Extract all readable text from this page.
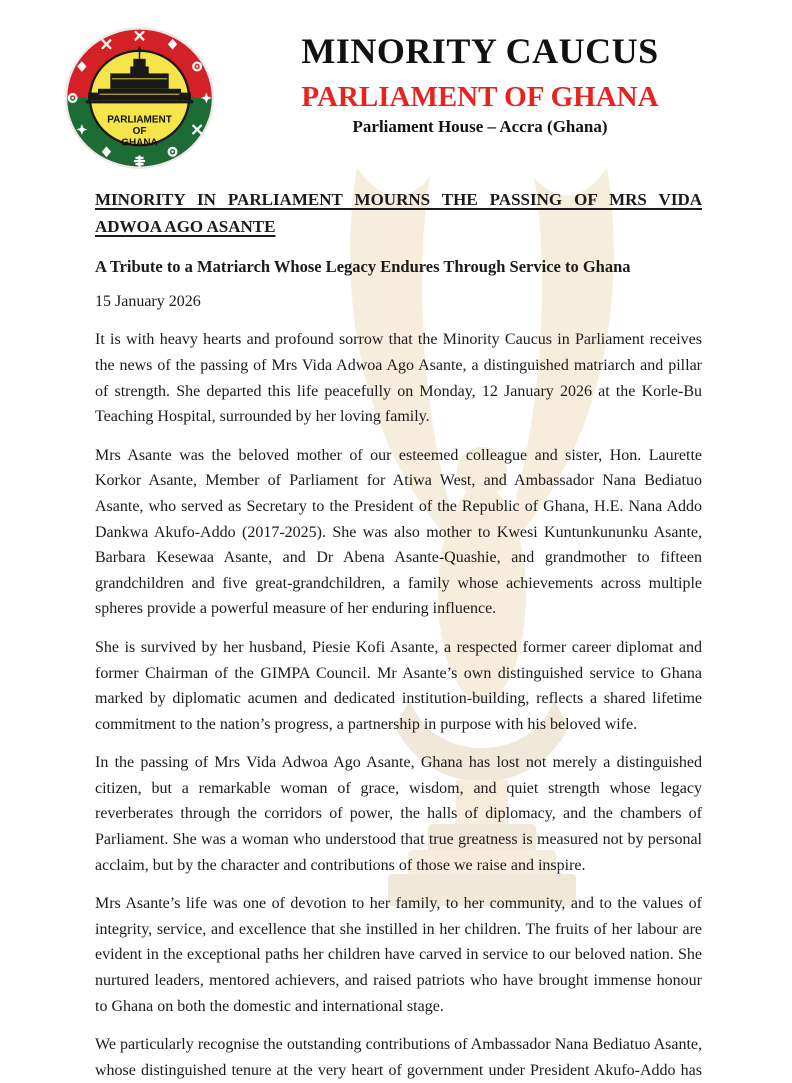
PARLIAMENT
OF
GHANA
MINORITY CAUCUS
PARLIAMENT OF GHANA
Parliament House – Accra (Ghana)
MINORITY IN PARLIAMENT MOURNS THE PASSING OF MRS VIDA ADWOA AGO ASANTE
A Tribute to a Matriarch Whose Legacy Endures Through Service to Ghana
15 January 2026

It is with heavy hearts and profound sorrow that the Minority Caucus in Parliament receives the news of the passing of Mrs Vida Adwoa Ago Asante, a distinguished matriarch and pillar of strength. She departed this life peacefully on Monday, 12 January 2026 at the Korle-Bu Teaching Hospital, surrounded by her loving family.

Mrs Asante was the beloved mother of our esteemed colleague and sister, Hon. Laurette Korkor Asante, Member of Parliament for Atiwa West, and Ambassador Nana Bediatuo Asante, who served as Secretary to the President of the Republic of Ghana, H.E. Nana Addo Dankwa Akufo-Addo (2017-2025). She was also mother to Kwesi Kuntunkununku Asante, Barbara Kesewaa Asante, and Dr Abena Asante-Quashie, and grandmother to fifteen grandchildren and five great-grandchildren, a family whose achievements across multiple spheres provide a powerful measure of her enduring influence.

She is survived by her husband, Piesie Kofi Asante, a respected former career diplomat and former Chairman of the GIMPA Council. Mr Asante’s own distinguished service to Ghana marked by diplomatic acumen and dedicated institution-building, reflects a shared lifetime commitment to the nation’s progress, a partnership in purpose with his beloved wife.

In the passing of Mrs Vida Adwoa Ago Asante, Ghana has lost not merely a distinguished citizen, but a remarkable woman of grace, wisdom, and quiet strength whose legacy reverberates through the corridors of power, the halls of diplomacy, and the chambers of Parliament. She was a woman who understood that true greatness is measured not by personal acclaim, but by the character and contributions of those we raise and inspire.

Mrs Asante’s life was one of devotion to her family, to her community, and to the values of integrity, service, and excellence that she instilled in her children. The fruits of her labour are evident in the exceptional paths her children have carved in service to our beloved nation. She nurtured leaders, mentored achievers, and raised patriots who have brought immense honour to Ghana on both the domestic and international stage.

We particularly recognise the outstanding contributions of Ambassador Nana Bediatuo Asante, whose distinguished tenure at the very heart of government under President Akufo-Addo has
